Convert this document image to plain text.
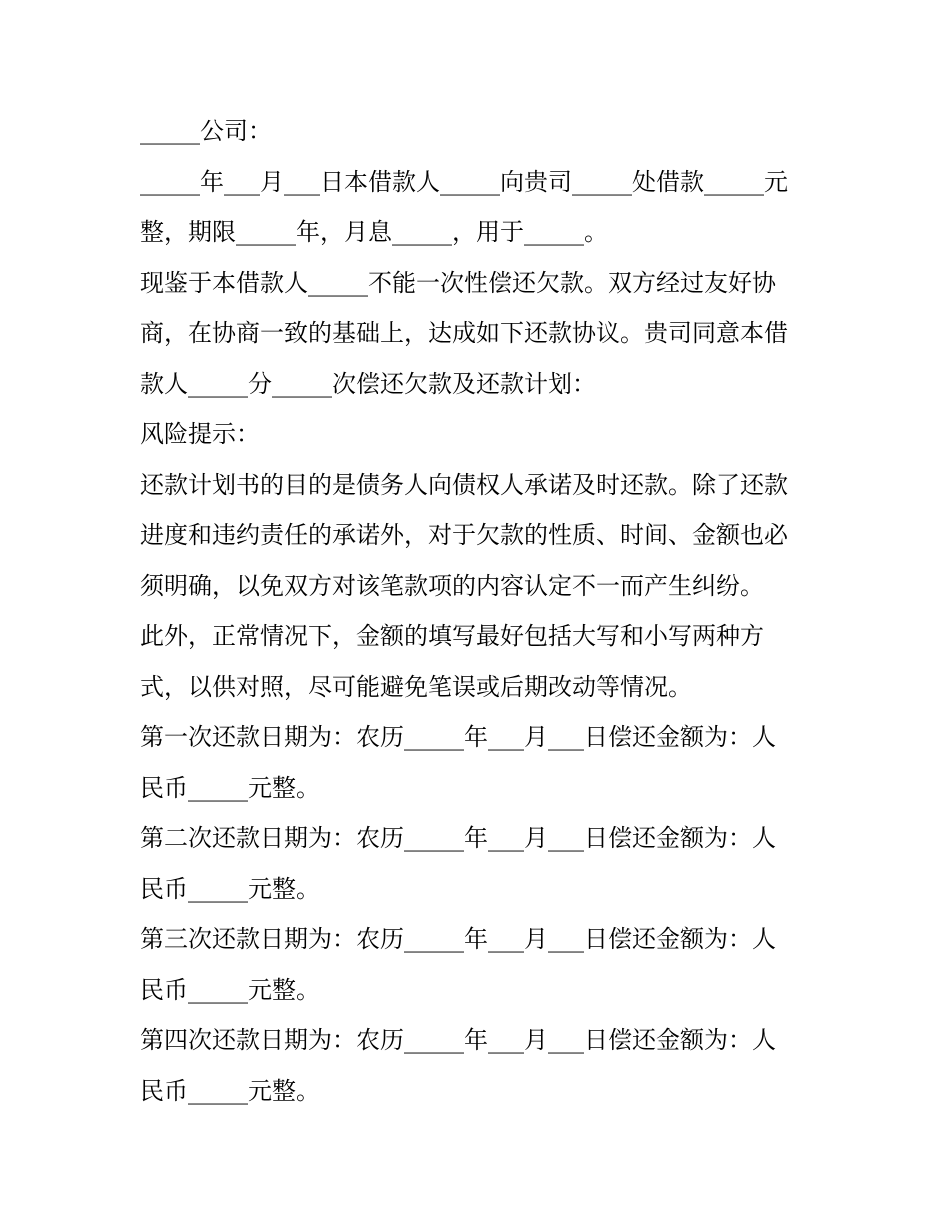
_____公司：
_____年___月___日本借款人_____向贵司_____处借款_____元
整，期限_____年，月息_____，用于_____。
现鉴于本借款人_____不能一次性偿还欠款。双方经过友好协
商，在协商一致的基础上，达成如下还款协议。贵司同意本借
款人_____分_____次偿还欠款及还款计划：
风险提示：
还款计划书的目的是债务人向债权人承诺及时还款。除了还款
进度和违约责任的承诺外，对于欠款的性质、时间、金额也必
须明确，以免双方对该笔款项的内容认定不一而产生纠纷。
此外，正常情况下，金额的填写最好包括大写和小写两种方
式，以供对照，尽可能避免笔误或后期改动等情况。
第一次还款日期为：农历_____年___月___日偿还金额为：人
民币_____元整。
第二次还款日期为：农历_____年___月___日偿还金额为：人
民币_____元整。
第三次还款日期为：农历_____年___月___日偿还金额为：人
民币_____元整。
第四次还款日期为：农历_____年___月___日偿还金额为：人
民币_____元整。
